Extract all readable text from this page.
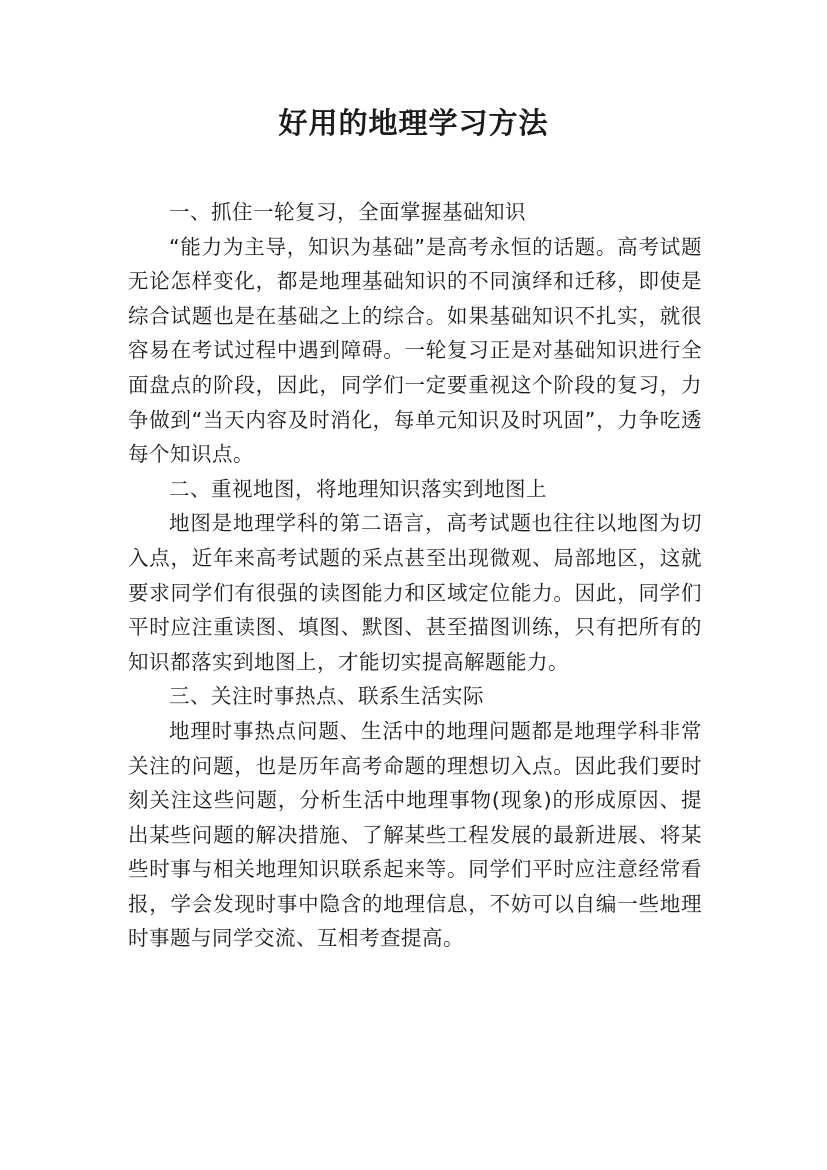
好用的地理学习方法

一、抓住一轮复习，全面掌握基础知识

“能力为主导，知识为基础”是高考永恒的话题。高考试题无论怎样变化，都是地理基础知识的不同演绎和迁移，即使是综合试题也是在基础之上的综合。如果基础知识不扎实，就很容易在考试过程中遇到障碍。一轮复习正是对基础知识进行全面盘点的阶段，因此，同学们一定要重视这个阶段的复习，力争做到“当天内容及时消化，每单元知识及时巩固”，力争吃透每个知识点。

二、重视地图，将地理知识落实到地图上

地图是地理学科的第二语言，高考试题也往往以地图为切入点，近年来高考试题的采点甚至出现微观、局部地区，这就要求同学们有很强的读图能力和区域定位能力。因此，同学们平时应注重读图、填图、默图、甚至描图训练，只有把所有的知识都落实到地图上，才能切实提高解题能力。

三、关注时事热点、联系生活实际

地理时事热点问题、生活中的地理问题都是地理学科非常关注的问题，也是历年高考命题的理想切入点。因此我们要时刻关注这些问题，分析生活中地理事物(现象)的形成原因、提出某些问题的解决措施、了解某些工程发展的最新进展、将某些时事与相关地理知识联系起来等。同学们平时应注意经常看报，学会发现时事中隐含的地理信息，不妨可以自编一些地理时事题与同学交流、互相考查提高。
